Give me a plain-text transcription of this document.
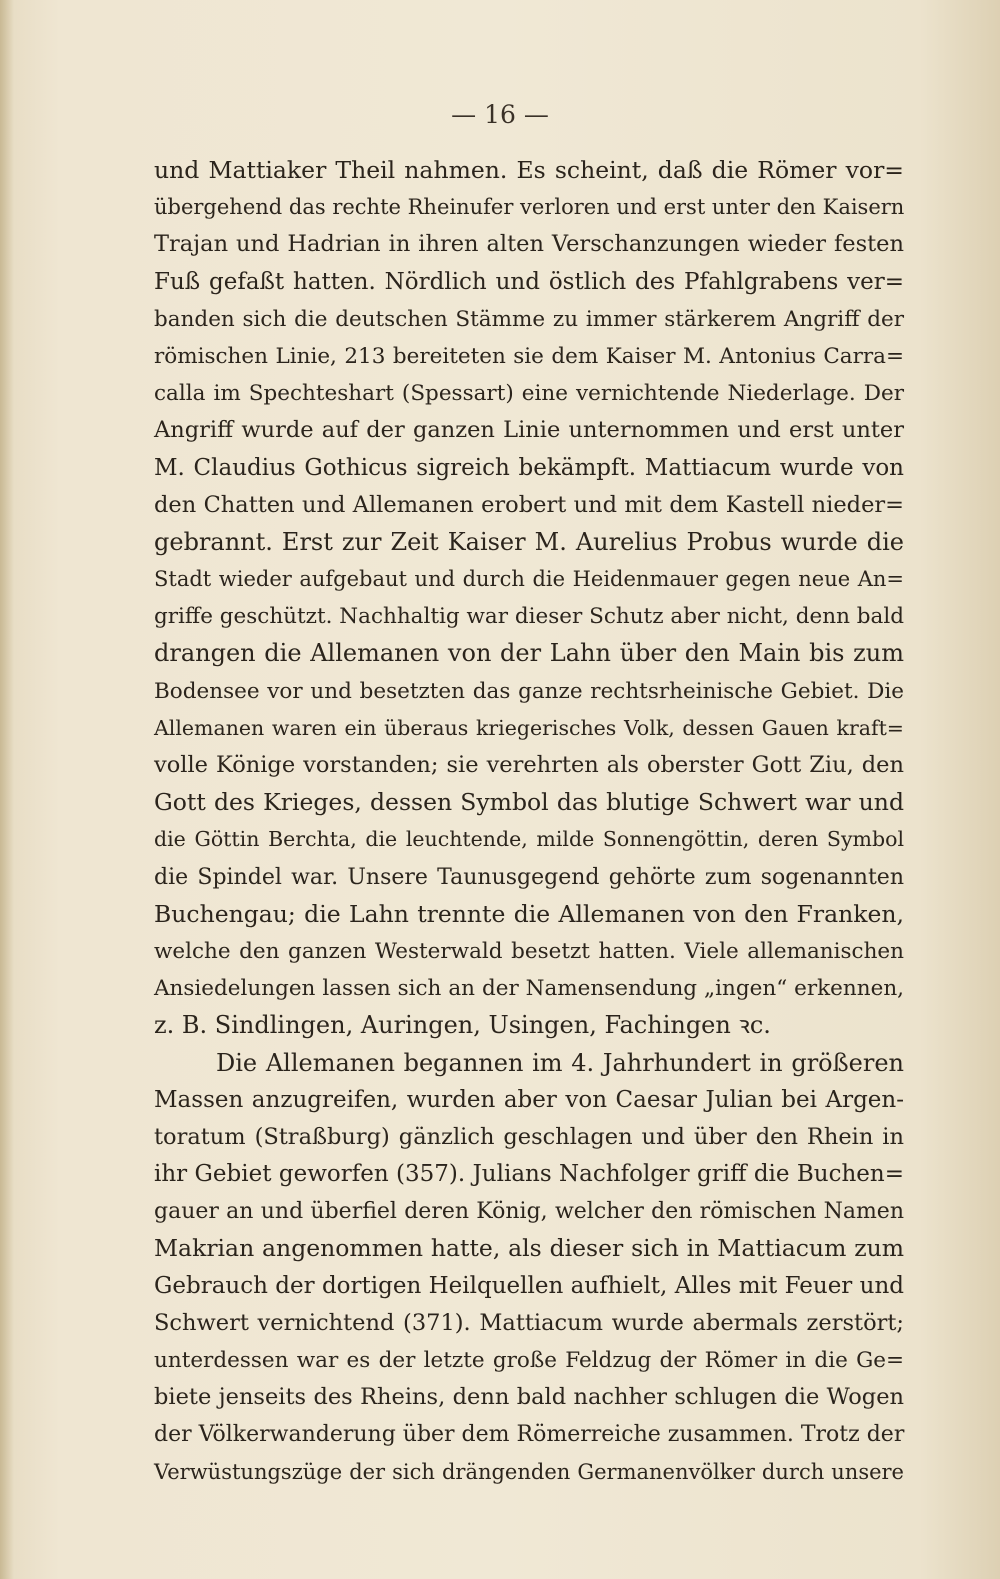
— 16 —
und Mattiaker Theil nahmen. Es scheint, daß die Römer vor=
übergehend das rechte Rheinufer verloren und erst unter den Kaisern
Trajan und Hadrian in ihren alten Verschanzungen wieder festen
Fuß gefaßt hatten. Nördlich und östlich des Pfahlgrabens ver=
banden sich die deutschen Stämme zu immer stärkerem Angriff der
römischen Linie, 213 bereiteten sie dem Kaiser M. Antonius Carra=
calla im Spechteshart (Spessart) eine vernichtende Niederlage. Der
Angriff wurde auf der ganzen Linie unternommen und erst unter
M. Claudius Gothicus sigreich bekämpft. Mattiacum wurde von
den Chatten und Allemanen erobert und mit dem Kastell nieder=
gebrannt. Erst zur Zeit Kaiser M. Aurelius Probus wurde die
Stadt wieder aufgebaut und durch die Heidenmauer gegen neue An=
griffe geschützt. Nachhaltig war dieser Schutz aber nicht, denn bald
drangen die Allemanen von der Lahn über den Main bis zum
Bodensee vor und besetzten das ganze rechtsrheinische Gebiet. Die
Allemanen waren ein überaus kriegerisches Volk, dessen Gauen kraft=
volle Könige vorstanden; sie verehrten als oberster Gott Ziu, den
Gott des Krieges, dessen Symbol das blutige Schwert war und
die Göttin Berchta, die leuchtende, milde Sonnengöttin, deren Symbol
die Spindel war. Unsere Taunusgegend gehörte zum sogenannten
Buchengau; die Lahn trennte die Allemanen von den Franken,
welche den ganzen Westerwald besetzt hatten. Viele allemanischen
Ansiedelungen lassen sich an der Namensendung „ingen“ erkennen,
z. B. Sindlingen, Auringen, Usingen, Fachingen ꝛc.
Die Allemanen begannen im 4. Jahrhundert in größeren
Massen anzugreifen, wurden aber von Caesar Julian bei Argen-
toratum (Straßburg) gänzlich geschlagen und über den Rhein in
ihr Gebiet geworfen (357). Julians Nachfolger griff die Buchen=
gauer an und überfiel deren König, welcher den römischen Namen
Makrian angenommen hatte, als dieser sich in Mattiacum zum
Gebrauch der dortigen Heilquellen aufhielt, Alles mit Feuer und
Schwert vernichtend (371). Mattiacum wurde abermals zerstört;
unterdessen war es der letzte große Feldzug der Römer in die Ge=
biete jenseits des Rheins, denn bald nachher schlugen die Wogen
der Völkerwanderung über dem Römerreiche zusammen. Trotz der
Verwüstungszüge der sich drängenden Germanenvölker durch unsere
